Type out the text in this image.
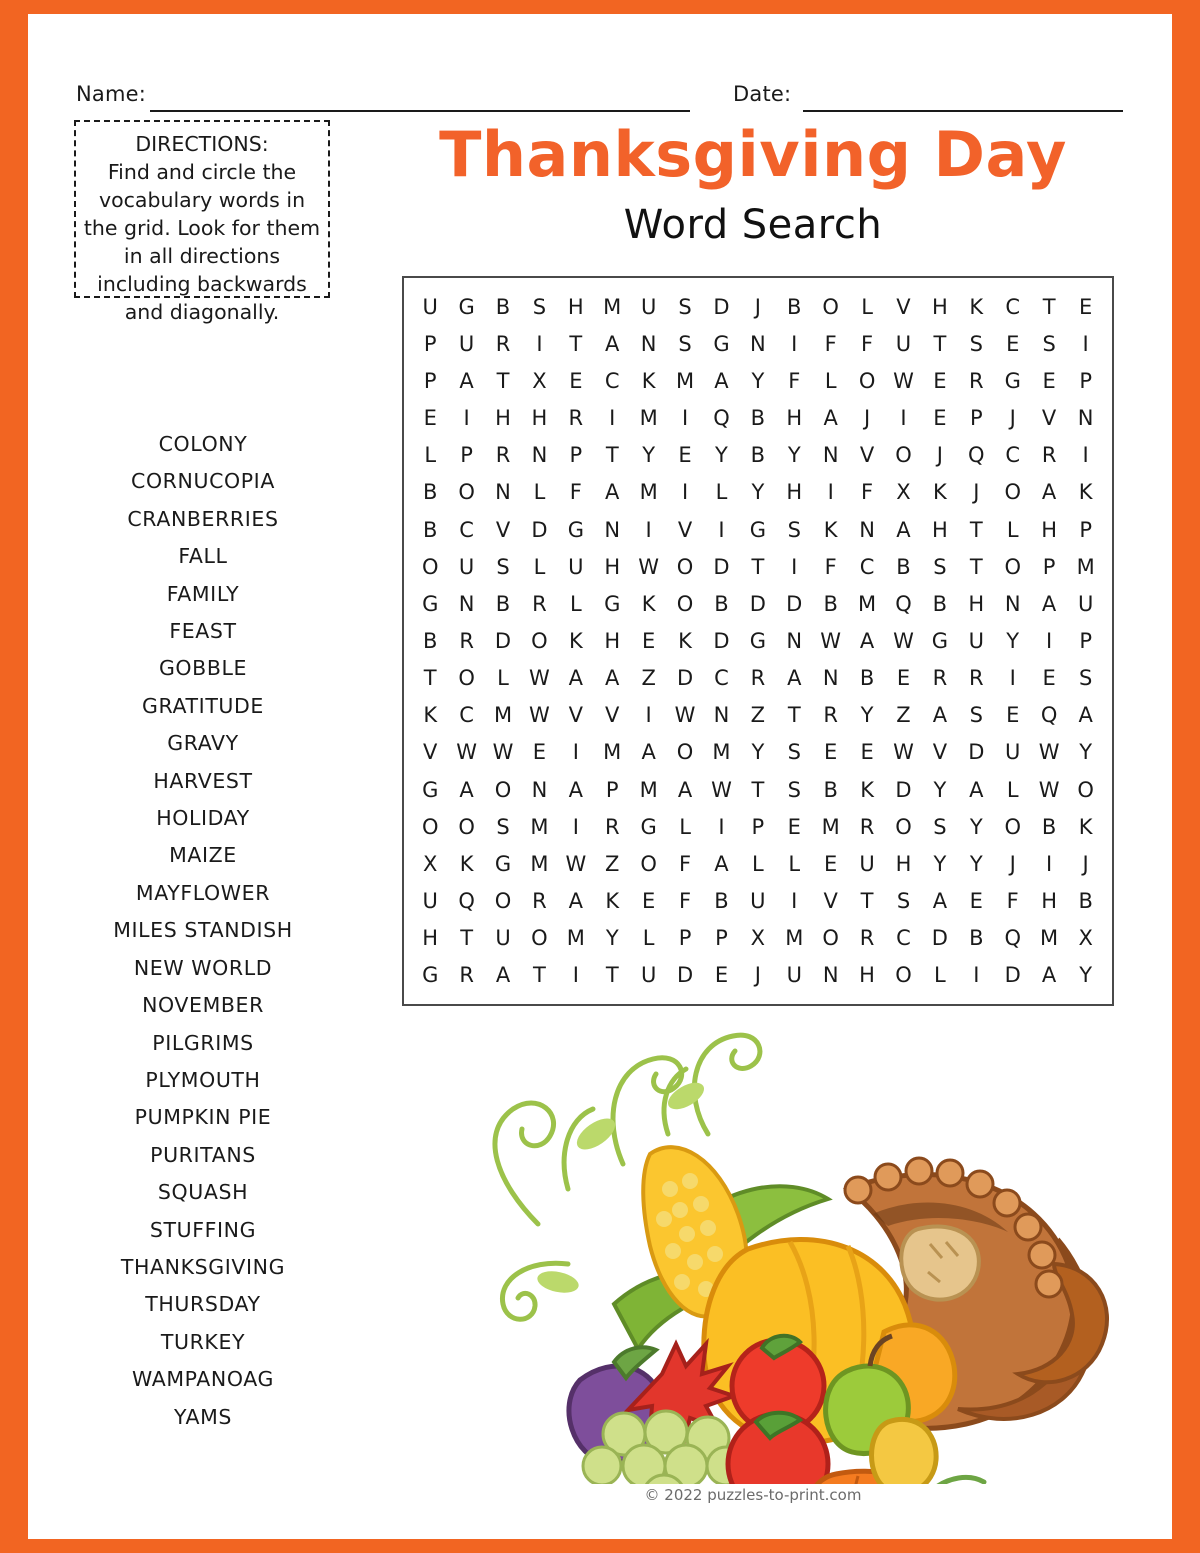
Name:	Date:
DIRECTIONS:
Find and circle the vocabulary words in the grid. Look for them in all directions including backwards and diagonally.
COLONY
CORNUCOPIA
CRANBERRIES
FALL
FAMILY
FEAST
GOBBLE
GRATITUDE
GRAVY
HARVEST
HOLIDAY
MAIZE
MAYFLOWER
MILES STANDISH
NEW WORLD
NOVEMBER
PILGRIMS
PLYMOUTH
PUMPKIN PIE
PURITANS
SQUASH
STUFFING
THANKSGIVING
THURSDAY
TURKEY
WAMPANOAG
YAMS
Thanksgiving Day
Word Search
U	G	B	S	H	M	U	S	D	J	B	O	L	V	H	K	C	T	E
P	U	R	I	T	A	N	S	G	N	I	F	F	U	T	S	E	S	I
P	A	T	X	E	C	K	M	A	Y	F	L	O	W	E	R	G	E	P
E	I	H	H	R	I	M	I	Q	B	H	A	J	I	E	P	J	V	N
L	P	R	N	P	T	Y	E	Y	B	Y	N	V	O	J	Q	C	R	I
B	O	N	L	F	A	M	I	L	Y	H	I	F	X	K	J	O	A	K
B	C	V	D	G	N	I	V	I	G	S	K	N	A	H	T	L	H	P
O	U	S	L	U	H	W	O	D	T	I	F	C	B	S	T	O	P	M
G	N	B	R	L	G	K	O	B	D	D	B	M	Q	B	H	N	A	U
B	R	D	O	K	H	E	K	D	G	N	W	A	W	G	U	Y	I	P
T	O	L	W	A	A	Z	D	C	R	A	N	B	E	R	R	I	E	S
K	C	M	W	V	V	I	W	N	Z	T	R	Y	Z	A	S	E	Q	A
V	W	W	E	I	M	A	O	M	Y	S	E	E	W	V	D	U	W	Y
G	A	O	N	A	P	M	A	W	T	S	B	K	D	Y	A	L	W	O
O	O	S	M	I	R	G	L	I	P	E	M	R	O	S	Y	O	B	K
X	K	G	M	W	Z	O	F	A	L	L	E	U	H	Y	Y	J	I	J
U	Q	O	R	A	K	E	F	B	U	I	V	T	S	A	E	F	H	B
H	T	U	O	M	Y	L	P	P	X	M	O	R	C	D	B	Q	M	X
G	R	A	T	I	T	U	D	E	J	U	N	H	O	L	I	D	A	Y
© 2022 puzzles-to-print.com
